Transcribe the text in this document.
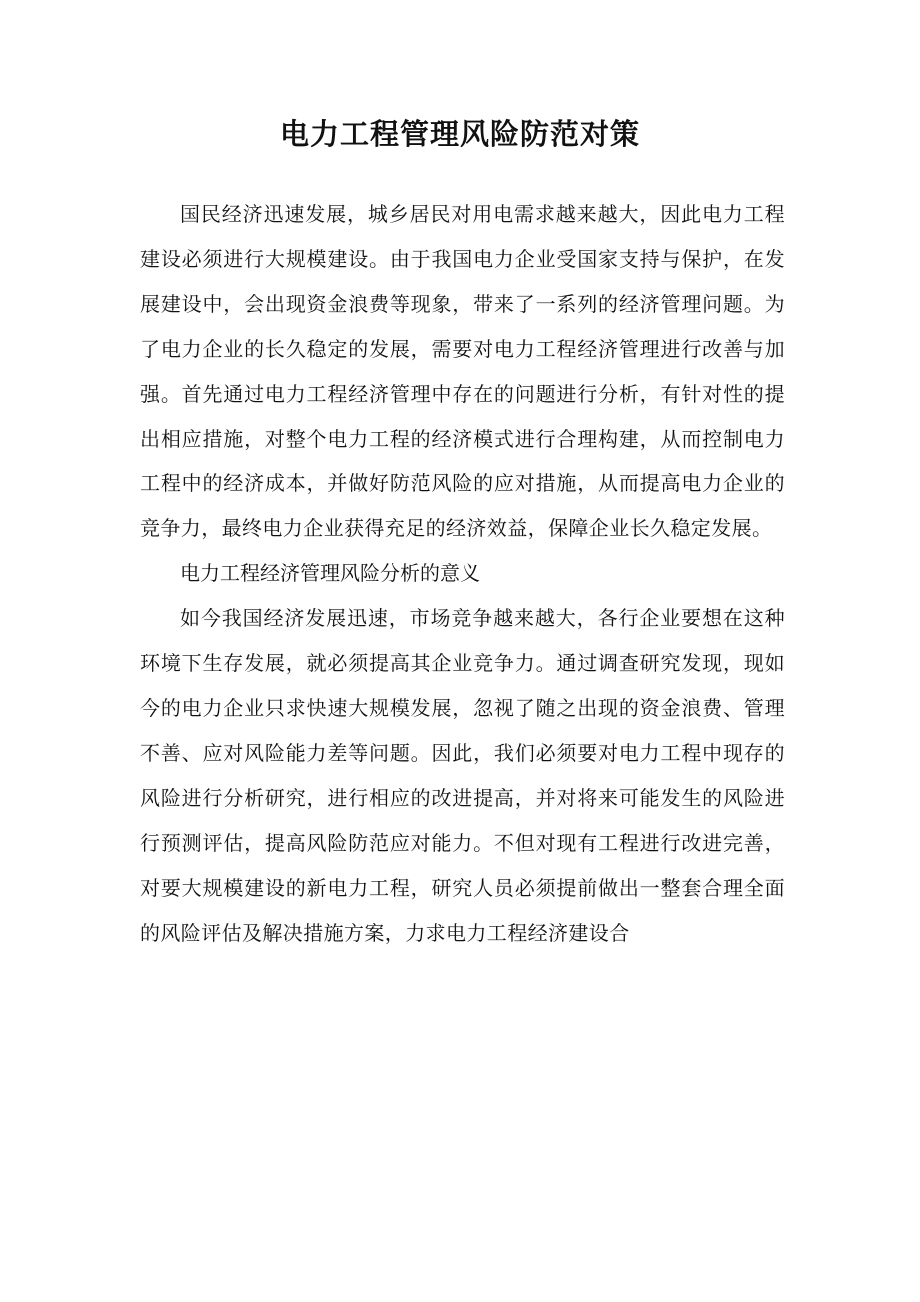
电力工程管理风险防范对策

国民经济迅速发展，城乡居民对用电需求越来越大，因此电力工程建设必须进行大规模建设。由于我国电力企业受国家支持与保护，在发展建设中，会出现资金浪费等现象，带来了一系列的经济管理问题。为了电力企业的长久稳定的发展，需要对电力工程经济管理进行改善与加强。首先通过电力工程经济管理中存在的问题进行分析，有针对性的提出相应措施，对整个电力工程的经济模式进行合理构建，从而控制电力工程中的经济成本，并做好防范风险的应对措施，从而提高电力企业的竞争力，最终电力企业获得充足的经济效益，保障企业长久稳定发展。

电力工程经济管理风险分析的意义

如今我国经济发展迅速，市场竞争越来越大，各行企业要想在这种环境下生存发展，就必须提高其企业竞争力。通过调查研究发现，现如今的电力企业只求快速大规模发展，忽视了随之出现的资金浪费、管理不善、应对风险能力差等问题。因此，我们必须要对电力工程中现存的风险进行分析研究，进行相应的改进提高，并对将来可能发生的风险进行预测评估，提高风险防范应对能力。不但对现有工程进行改进完善，对要大规模建设的新电力工程，研究人员必须提前做出一整套合理全面的风险评估及解决措施方案，力求电力工程经济建设合
